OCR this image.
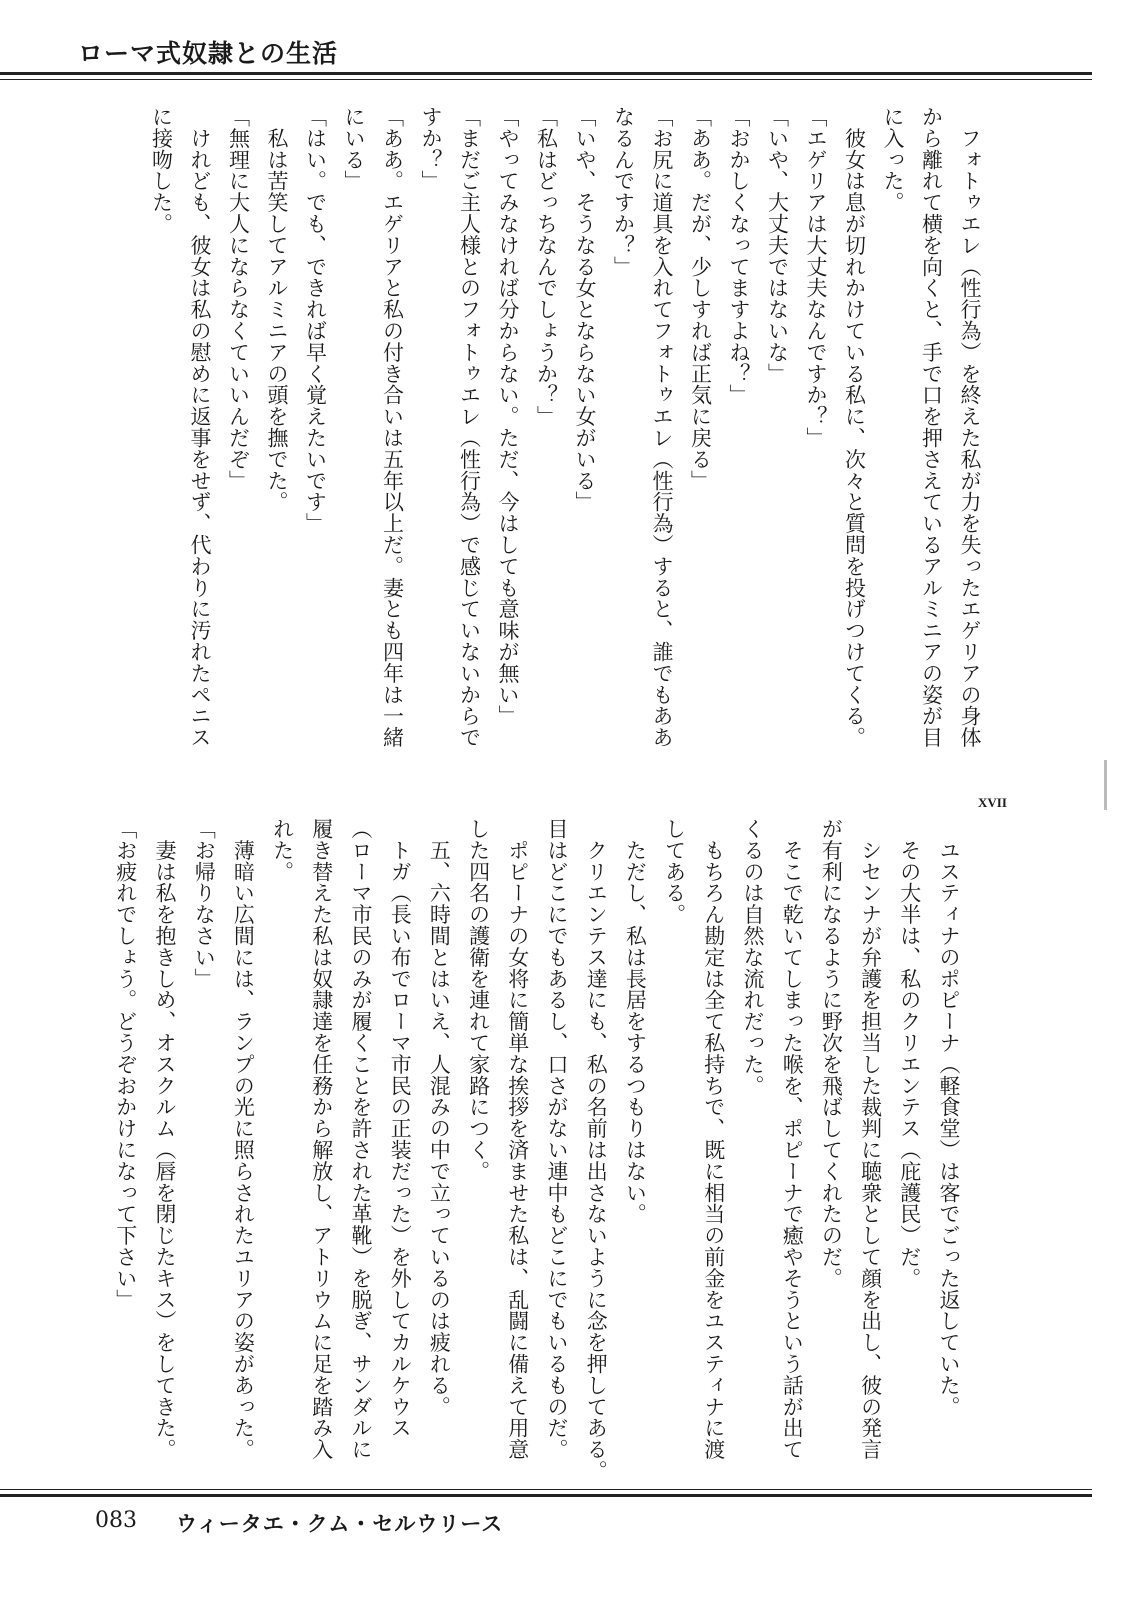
ローマ式奴隷との生活
　フォトゥエレ（性行為）を終えた私が力を失ったエゲリアの身体
から離れて横を向くと、手で口を押さえているアルミニアの姿が目
に入った。
　彼女は息が切れかけている私に、次々と質問を投げつけてくる。
「エゲリアは大丈夫なんですか？」
「いや、大丈夫ではないな」
「おかしくなってますよね？」
「ああ。だが、少しすれば正気に戻る」
「お尻に道具を入れてフォトゥエレ（性行為）すると、誰でもああ
なるんですか？」
「いや、そうなる女とならない女がいる」
「私はどっちなんでしょうか？」
「やってみなければ分からない。ただ、今はしても意味が無い」
「まだご主人様とのフォトゥエレ（性行為）で感じていないからで
すか？」
「ああ。エゲリアと私の付き合いは五年以上だ。妻とも四年は一緒
にいる」
「はい。でも、できれば早く覚えたいです」
　私は苦笑してアルミニアの頭を撫でた。
「無理に大人にならなくていいんだぞ」
　けれども、彼女は私の慰めに返事をせず、代わりに汚れたペニス
に接吻した。
XVII
　ユスティナのポピーナ（軽食堂）は客でごった返していた。
　その大半は、私のクリエンテス（庇護民）だ。
　シセンナが弁護を担当した裁判に聴衆として顔を出し、彼の発言
が有利になるように野次を飛ばしてくれたのだ。
　そこで乾いてしまった喉を、ポピーナで癒やそうという話が出て
くるのは自然な流れだった。
　もちろん勘定は全て私持ちで、既に相当の前金をユスティナに渡
してある。
　ただし、私は長居をするつもりはない。
　クリエンテス達にも、私の名前は出さないように念を押してある。
目はどこにでもあるし、口さがない連中もどこにでもいるものだ。
　ポピーナの女将に簡単な挨拶を済ませた私は、乱闘に備えて用意
した四名の護衛を連れて家路につく。
　五、六時間とはいえ、人混みの中で立っているのは疲れる。
　トガ（長い布でローマ市民の正装だった）を外してカルケウス
（ローマ市民のみが履くことを許された革靴）を脱ぎ、サンダルに
履き替えた私は奴隷達を任務から解放し、アトリウムに足を踏み入
れた。
　薄暗い広間には、ランプの光に照らされたユリアの姿があった。
「お帰りなさい」
　妻は私を抱きしめ、オスクルム（唇を閉じたキス）をしてきた。
「お疲れでしょう。どうぞおかけになって下さい」
083 ウィータエ・クム・セルウリース
